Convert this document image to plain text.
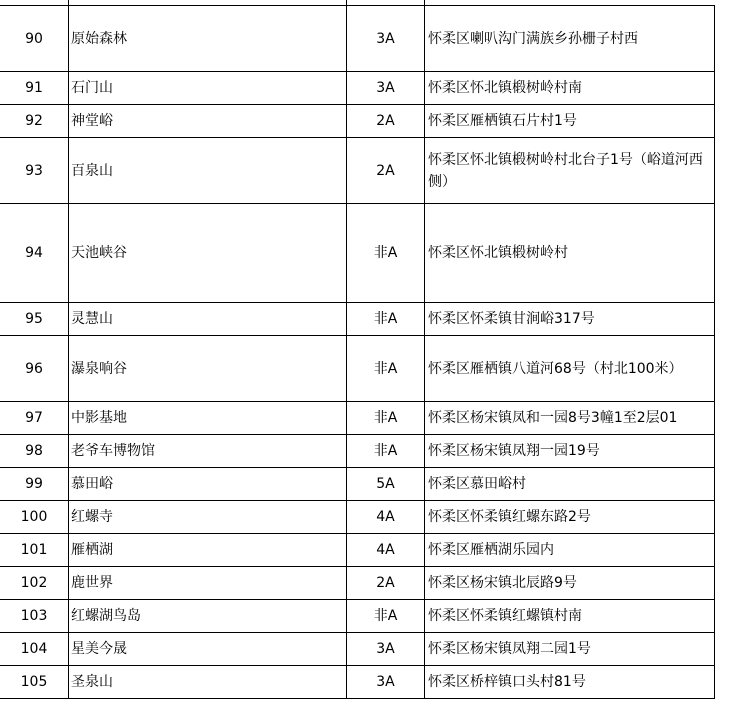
90	原始森林	3A	怀柔区喇叭沟门满族乡孙栅子村西
91	石门山	3A	怀柔区怀北镇椴树岭村南
92	神堂峪	2A	怀柔区雁栖镇石片村1号
93	百泉山	2A	怀柔区怀北镇椴树岭村北台子1号（峪道河西侧）
94	天池峡谷	非A	怀柔区怀北镇椴树岭村
95	灵慧山	非A	怀柔区怀柔镇甘涧峪317号
96	瀑泉响谷	非A	怀柔区雁栖镇八道河68号（村北100米）
97	中影基地	非A	怀柔区杨宋镇凤和一园8号3幢1至2层01
98	老爷车博物馆	非A	怀柔区杨宋镇凤翔一园19号
99	慕田峪	5A	怀柔区慕田峪村
100	红螺寺	4A	怀柔区怀柔镇红螺东路2号
101	雁栖湖	4A	怀柔区雁栖湖乐园内
102	鹿世界	2A	怀柔区杨宋镇北辰路9号
103	红螺湖鸟岛	非A	怀柔区怀柔镇红螺镇村南
104	星美今晟	3A	怀柔区杨宋镇凤翔二园1号
105	圣泉山	3A	怀柔区桥梓镇口头村81号
